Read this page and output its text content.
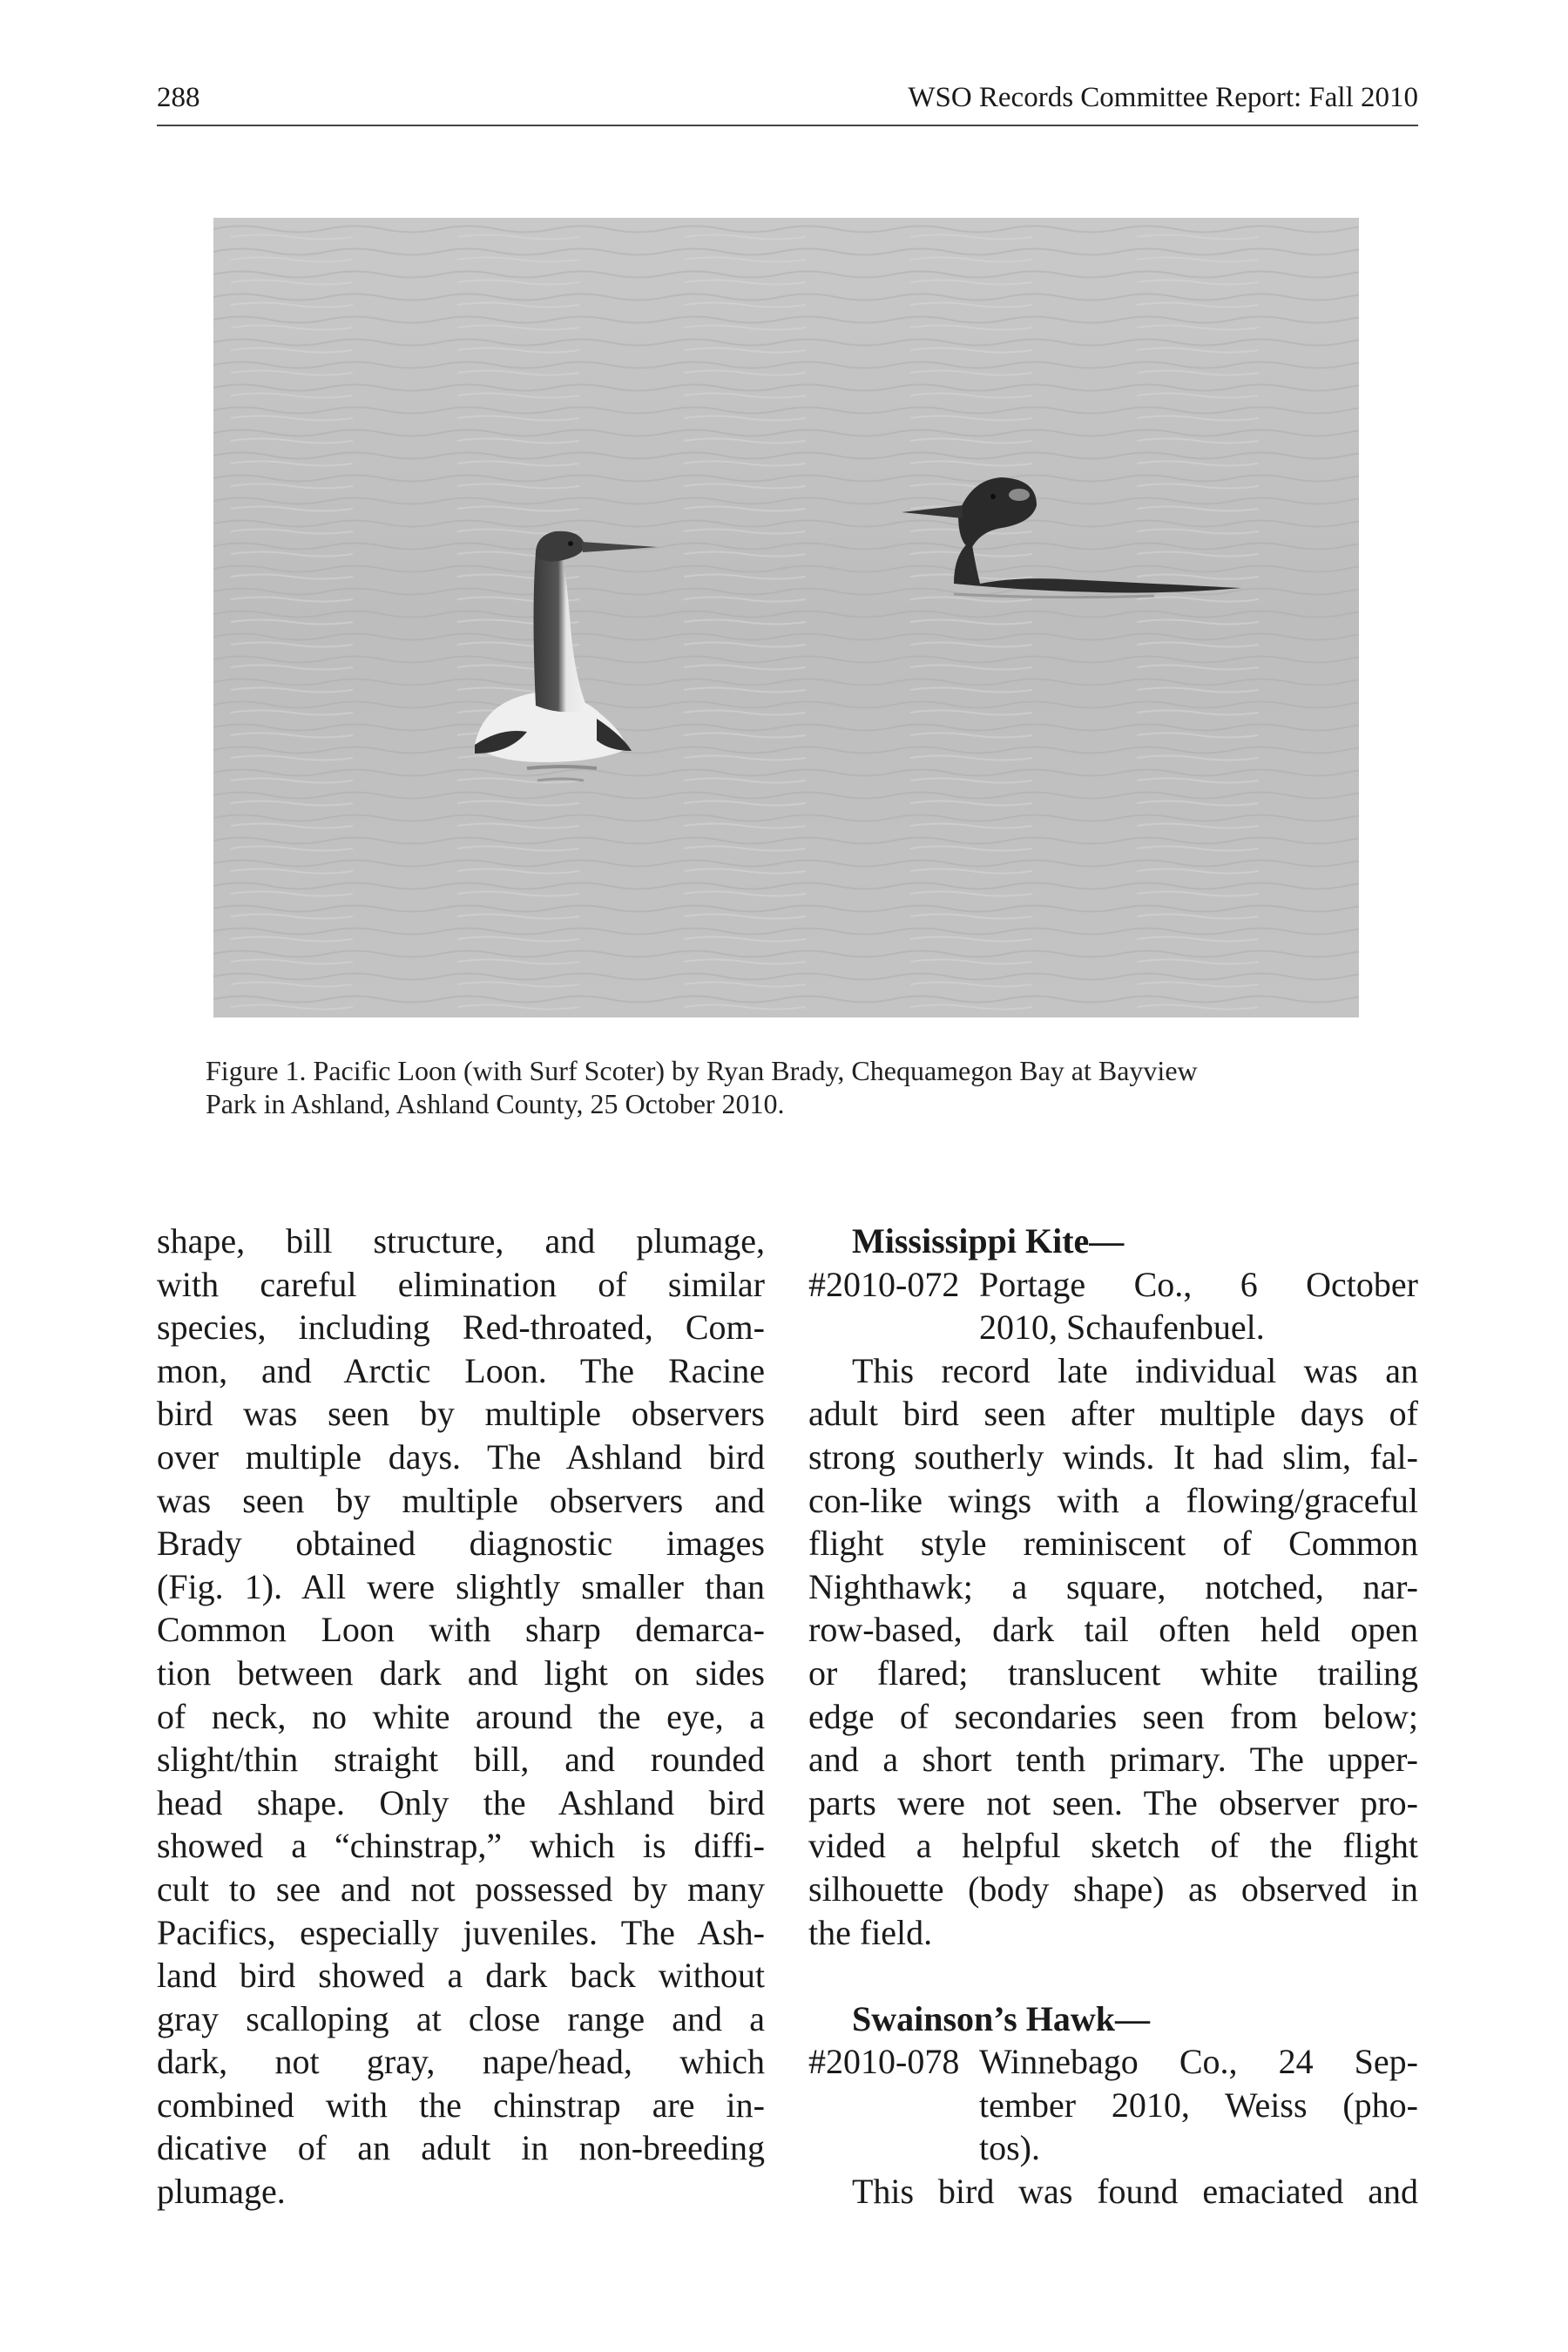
288	WSO Records Committee Report: Fall 2010
Figure 1. Pacific Loon (with Surf Scoter) by Ryan Brady, Chequamegon Bay at Bayview
Park in Ashland, Ashland County, 25 October 2010.
shape, bill structure, and plumage,
with careful elimination of similar
species, including Red-throated, Com-
mon, and Arctic Loon. The Racine
bird was seen by multiple observers
over multiple days. The Ashland bird
was seen by multiple observers and
Brady obtained diagnostic images
(Fig. 1). All were slightly smaller than
Common Loon with sharp demarca-
tion between dark and light on sides
of neck, no white around the eye, a
slight/thin straight bill, and rounded
head shape. Only the Ashland bird
showed a “chinstrap,” which is diffi-
cult to see and not possessed by many
Pacifics, especially juveniles. The Ash-
land bird showed a dark back without
gray scalloping at close range and a
dark, not gray, nape/head, which
combined with the chinstrap are in-
dicative of an adult in non-breeding
plumage.
Mississippi Kite—
#2010-072 Portage Co., 6 October
2010, Schaufenbuel.
This record late individual was an
adult bird seen after multiple days of
strong southerly winds. It had slim, fal-
con-like wings with a flowing/graceful
flight style reminiscent of Common
Nighthawk; a square, notched, nar-
row-based, dark tail often held open
or flared; translucent white trailing
edge of secondaries seen from below;
and a short tenth primary. The upper-
parts were not seen. The observer pro-
vided a helpful sketch of the flight
silhouette (body shape) as observed in
the field.
Swainson’s Hawk—
#2010-078 Winnebago Co., 24 Sep-
tember 2010, Weiss (pho-
tos).
This bird was found emaciated and
